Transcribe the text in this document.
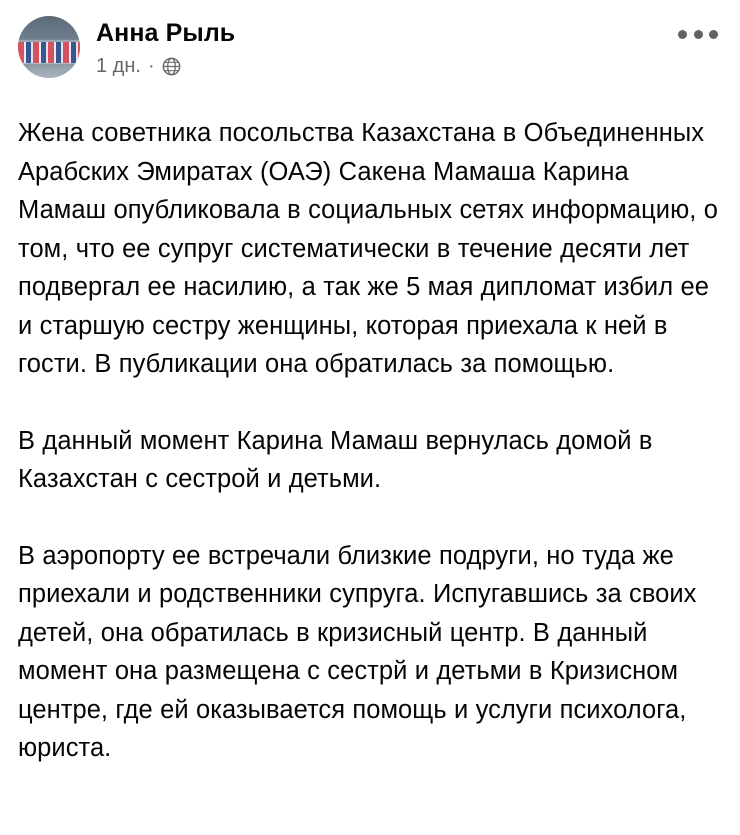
Анна Рыль
1 дн. ·

Жена советника посольства Казахстана в Объединенных Арабских Эмиратах (ОАЭ) Сакена Мамаша Карина Мамаш опубликовала в социальных сетях информацию, о том, что ее супруг систематически в течение десяти лет подвергал ее насилию, а так же 5 мая дипломат избил ее и старшую сестру женщины, которая приехала к ней в гости. В публикации она обратилась за помощью.

В данный момент Карина Мамаш вернулась домой в Казахстан с сестрой и детьми.

В аэропорту ее встречали близкие подруги, но туда же приехали и родственники супруга. Испугавшись за своих детей, она обратилась в кризисный центр. В данный момент она размещена с сестрй и детьми в Кризисном центре, где ей оказывается помощь и услуги психолога, юриста.
